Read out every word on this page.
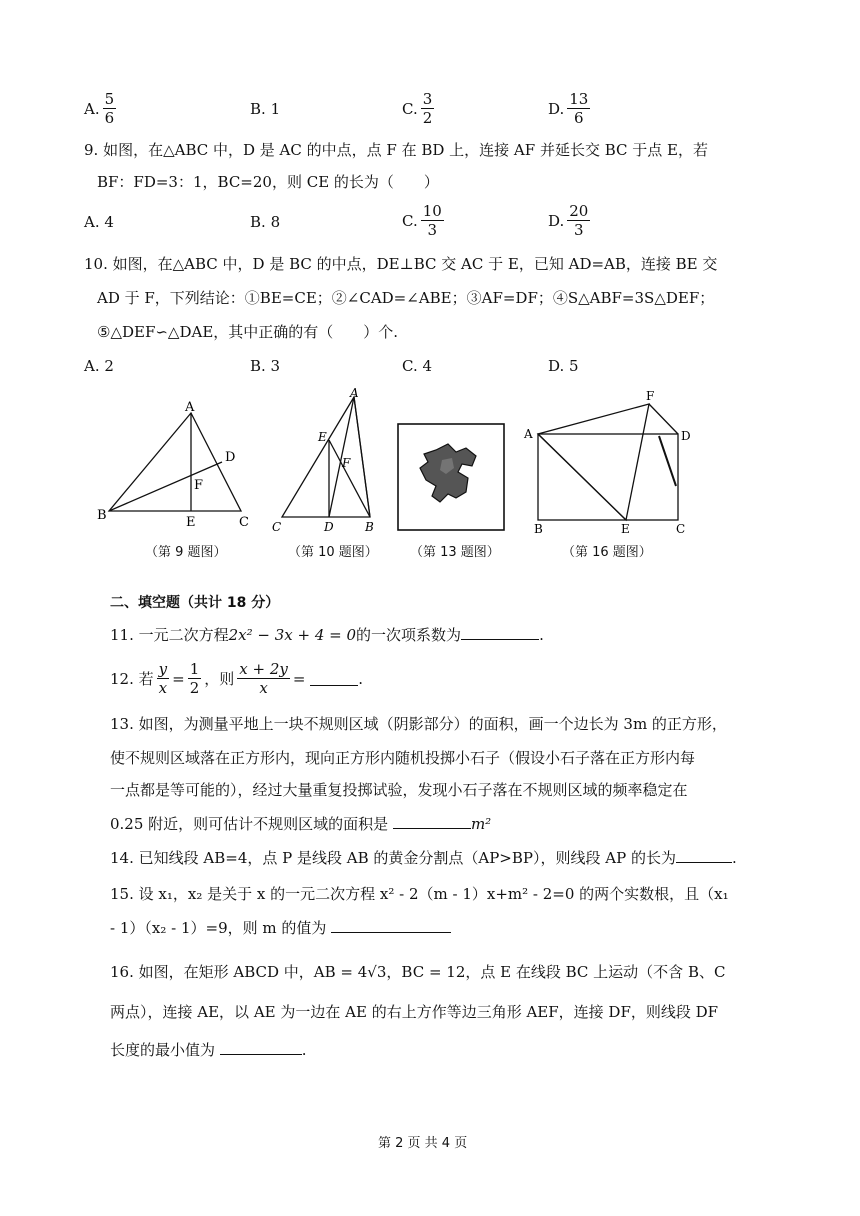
A. $\frac{5}{6}$	B.
1	C. $\frac{3}{2}$	D. $\frac{13}{6}$
9. 如图，在△ABC 中，D 是 AC 的中点，点 F 在 BD 上，连接 AF 并延长交 BC 于点 E，若
BF：FD=3：1，BC=20，则 CE 的长为（　　）
A.
4	B.
8	C. $\frac{10}{3}$	D. $\frac{20}{3}$
10. 如图，在△ABC 中，D 是 BC 的中点，DE⊥BC 交 AC 于 E，已知 AD=AB，连接 BE 交
AD 于 F，下列结论：①BE=CE；②∠CAD=∠ABE；③AF=DF；④S△ABF=3S△DEF；
⑤△DEF∽△DAE，其中正确的有（　　）个.
A. 2	B. 3	C. 4	D. 5
A
B	C
D
E
F
A
B
C	D
E
F
F
A	D
B	E	C
（第 9 题图）	（第 10 题图） （第 13 题图）	（第 16 题图）
二、填空题（共计 18 分）
11. 一元二次方程2x² − 3x + 4 = 0的一次项系数为	.
12. 若 $\frac{y}{x} = \frac{1}{2}$ ，则 $\frac{x + 2y}{x}$ =
	.
13. 如图，为测量平地上一块不规则区域（阴影部分）的面积，画一个边长为 3m 的正方形，
使不规则区域落在正方形内，现向正方形内随机投掷小石子（假设小石子落在正方形内每
一点都是等可能的），经过大量重复投掷试验，发现小石子落在不规则区域的频率稳定在
0.25 附近，则可估计不规则区域的面积是	m²
14. 已知线段 AB=4，点 P 是线段 AB 的黄金分割点（AP>BP），则线段 AP 的长为	.
15. 设 x₁，x₂ 是关于 x 的一元二次方程 x² - 2（m - 1）x+m² - 2=0 的两个实数根，且（x₁
- 1）（x₂ - 1）=9，则 m 的值为
16. 如图，在矩形 ABCD 中，AB = 4√3，BC = 12，点 E 在线段 BC 上运动（不含 B、C
两点），连接 AE，以 AE 为一边在 AE 的右上方作等边三角形 AEF，连接 DF，则线段 DF
长度的最小值为	.
第 2 页 共 4 页
